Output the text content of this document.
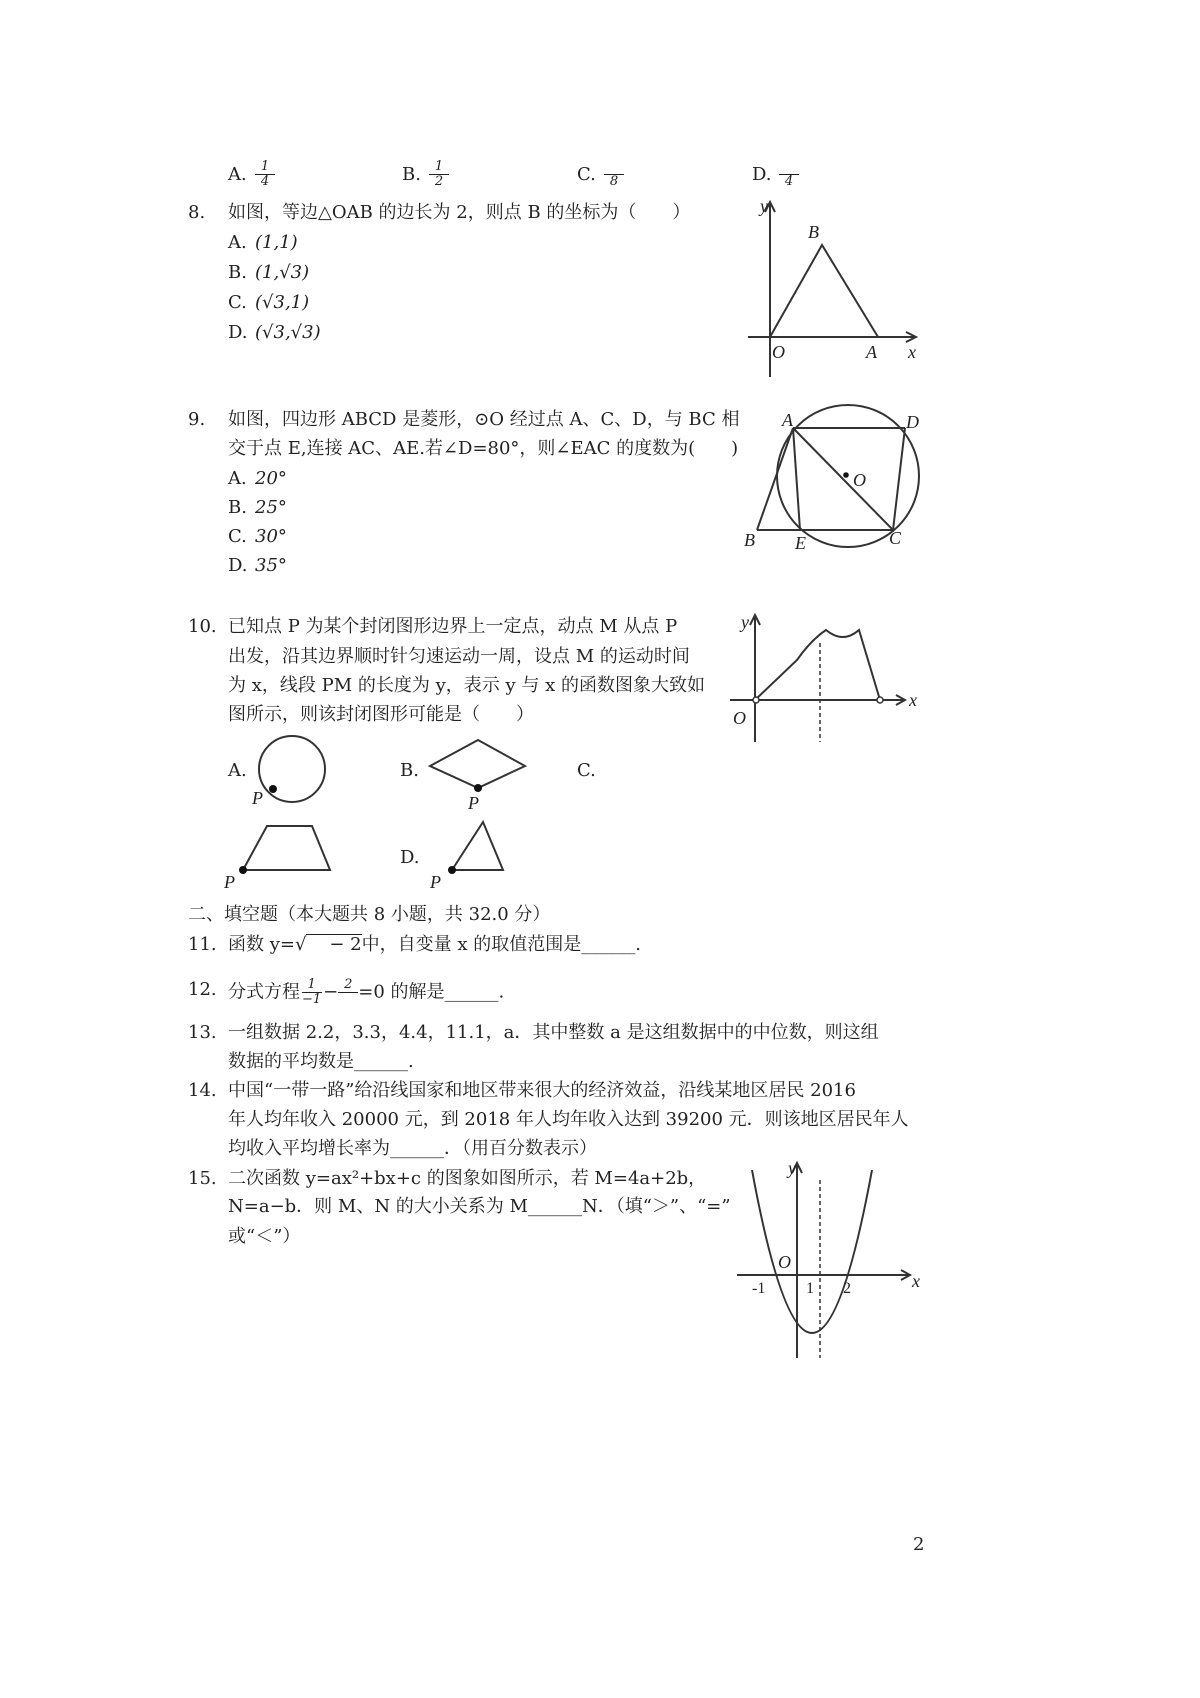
A. $\frac{1}{4}$	B. $\frac{1}{2}$	C.	8	D.	4
8. 如图，等边△OAB 的边长为 2，则点 B 的坐标为（　　）
A. (1,1)
B. (1,√3)
C. (√3,1)
D. (√3,√3)
y
B
O	A x
9. 如图，四边形 ABCD 是菱形，⊙O 经过点 A、C、D，与 BC 相
交于点 E,连接 AC、AE.若∠D=80°，则∠EAC 的度数为(　　)
A. 20°
B. 25°
C. 30°
D. 35°
A	D
O
B E	C
10. 已知点 P 为某个封闭图形边界上一定点，动点 M 从点 P
出发，沿其边界顺时针匀速运动一周，设点 M 的运动时间
为 x，线段 PM 的长度为 y，表示 y 与 x 的函数图象大致如
图所示，则该封闭图形可能是（　　）
y
O
x
A.
P
B.
P
C.
P
D.
P
二、填空题（本大题共 8 小题，共 32.0 分）
11. 函数 y=√    − 2中，自变量 x 的取值范围是______.
12. 分式方程 $\frac{1}{-1} - 2 =0$ 的解是______.
13. 一组数据 2.2，3.3，4.4，11.1，a．其中整数 a 是这组数据中的中位数，则这组
数据的平均数是______.
14. 中国“一带一路”给沿线国家和地区带来很大的经济效益，沿线某地区居民 2016
年人均年收入 20000 元，到 2018 年人均年收入达到 39200 元．则该地区居民年人
均收入平均增长率为______．（用百分数表示）
15. 二次函数 y=ax²+bx+c 的图象如图所示，若 M=4a+2b，
N=a−b．则 M、N 的大小关系为 M______N．（填“＞”、“=”
或“＜”）
y
O
-1	1 2	x
2
